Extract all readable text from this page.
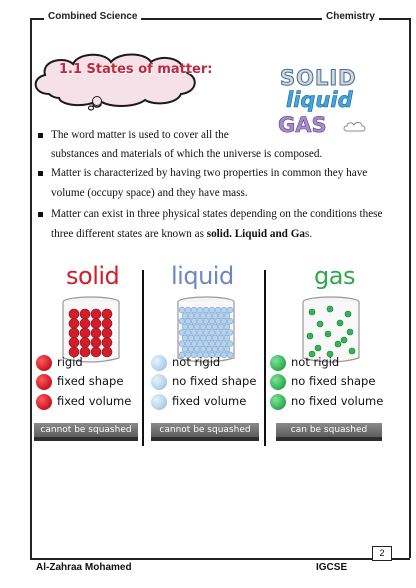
Combined Science	Chemistry
1.1 States of matter:	SOLID
liquid
GAS
The word matter is used to cover all the
substances and materials of which the universe is composed.
Matter is characterized by having two properties in common they have
volume (occupy space) and they have mass.
Matter can exist in three physical states depending on the conditions these
three different states are known as solid. Liquid and Gas.
solid
rigid
fixed shape
fixed volume
cannot be squashed
liquid
not rigid
no fixed shape
fixed volume
cannot be squashed
gas
not rigid
no fixed shape
no fixed volume
can be squashed
Al-Zahraa Mohamed	IGCSE
2
